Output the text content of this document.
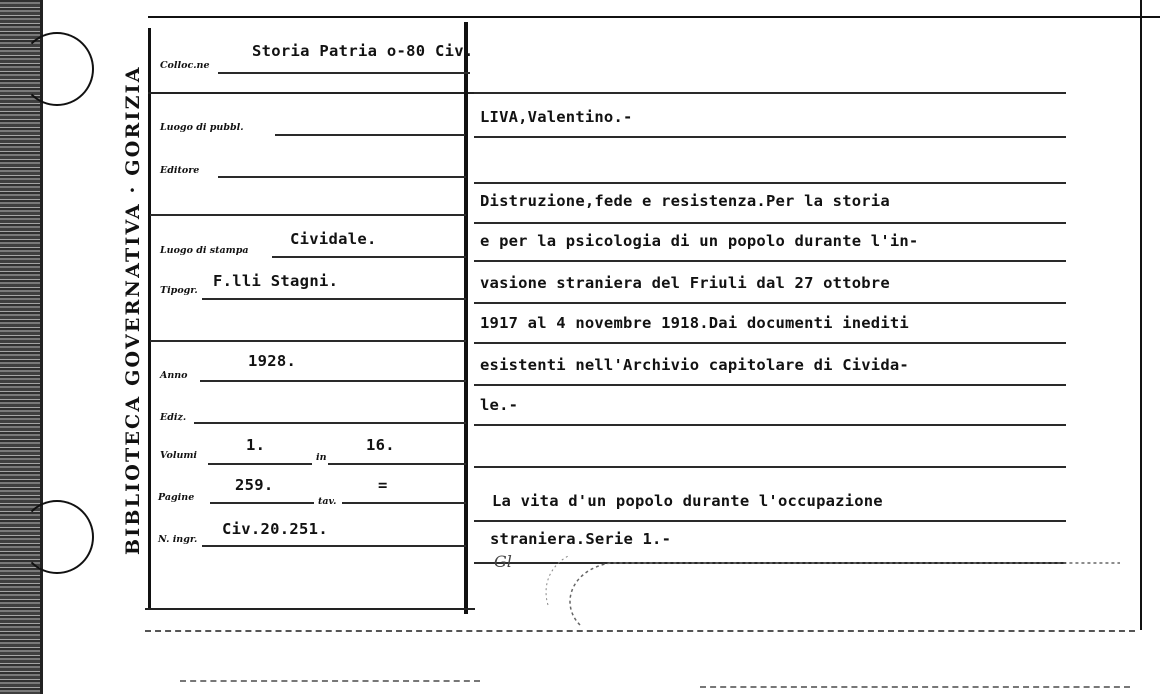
BIBLIOTECA GOVERNATIVA · GORIZIA Colloc.ne
Storia Patria o-80 Civ.
Luogo di pubbl.
Editore
Luogo di stampa
Cividale.
Tipogr.
F.lli Stagni.
Anno
1928.
Ediz.
Volumi
1.
in
16.
Pagine
259.
tav.
=
N. ingr.
Civ.20.251.
LIVA,Valentino.-
Distruzione,fede e resistenza.Per la storia
e per la psicologia di un popolo durante l'in-
vasione straniera del Friuli dal 27 ottobre
1917 al 4 novembre 1918.Dai documenti inediti
esistenti nell'Archivio capitolare di Cividа-
le.-
La vita d'un popolo durante l'occupazione
straniera.Serie 1.-
Gl
